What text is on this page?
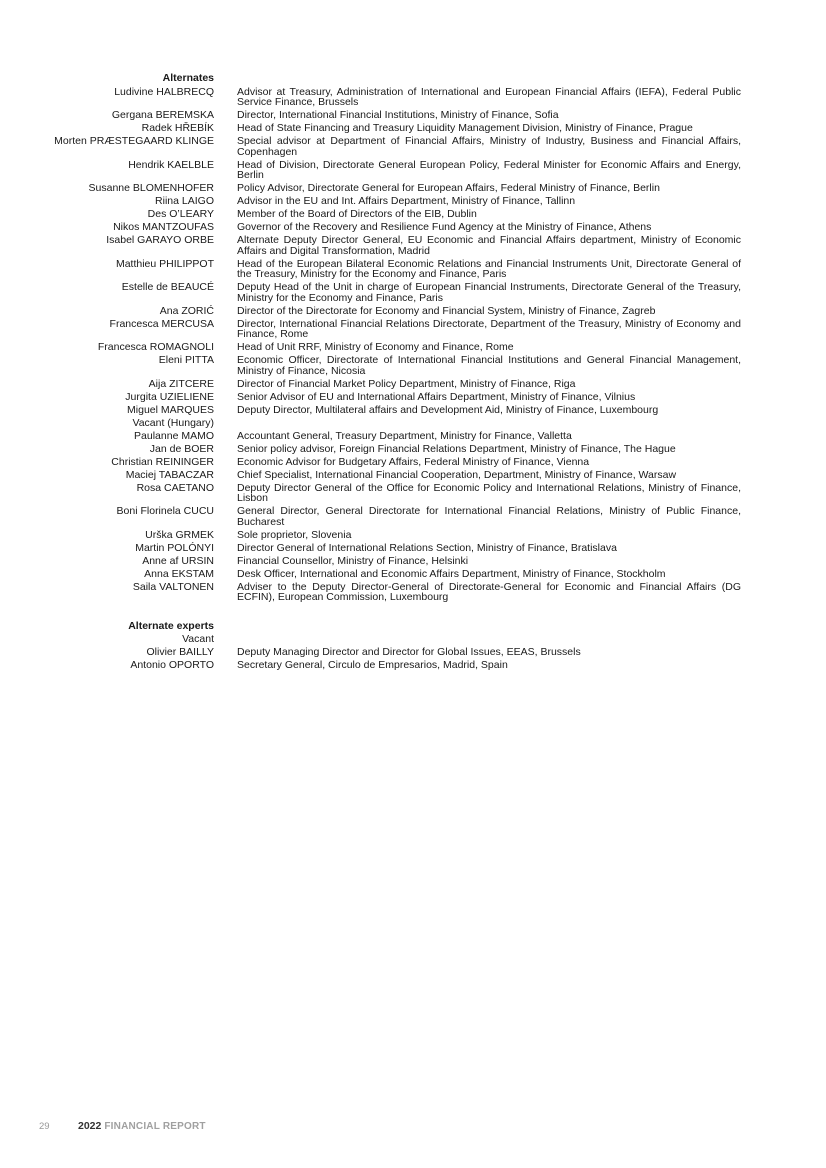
Alternates
Ludivine HALBRECQ Advisor at Treasury, Administration of International and European Financial Affairs (IEFA), Federal Public Service Finance, Brussels
Gergana BEREMSKA Director, International Financial Institutions, Ministry of Finance, Sofia
Radek HŘEBÍK Head of State Financing and Treasury Liquidity Management Division, Ministry of Finance, Prague
Morten PRÆSTEGAARD KLINGE Special advisor at Department of Financial Affairs, Ministry of Industry, Business and Financial Affairs, Copenhagen
Hendrik KAELBLE Head of Division, Directorate General European Policy, Federal Minister for Economic Affairs and Energy, Berlin
Susanne BLOMENHOFER Policy Advisor, Directorate General for European Affairs, Federal Ministry of Finance, Berlin
Riina LAIGO Advisor in the EU and Int. Affairs Department, Ministry of Finance, Tallinn
Des O’LEARY Member of the Board of Directors of the EIB, Dublin
Nikos MANTZOUFAS Governor of the Recovery and Resilience Fund Agency at the Ministry of Finance, Athens
Isabel GARAYO ORBE Alternate Deputy Director General, EU Economic and Financial Affairs department, Ministry of Economic Affairs and Digital Transformation, Madrid
Matthieu PHILIPPOT Head of the European Bilateral Economic Relations and Financial Instruments Unit, Directorate General of the Treasury, Ministry for the Economy and Finance, Paris
Estelle de BEAUCÉ Deputy Head of the Unit in charge of European Financial Instruments, Directorate General of the Treasury, Ministry for the Economy and Finance, Paris
Ana ZORIĆ Director of the Directorate for Economy and Financial System, Ministry of Finance, Zagreb
Francesca MERCUSA Director, International Financial Relations Directorate, Department of the Treasury, Ministry of Economy and Finance, Rome
Francesca ROMAGNOLI Head of Unit RRF, Ministry of Economy and Finance, Rome
Eleni PITTA Economic Officer, Directorate of International Financial Institutions and General Financial Management, Ministry of Finance, Nicosia
Aija ZITCERE Director of Financial Market Policy Department, Ministry of Finance, Riga
Jurgita UZIELIENE Senior Advisor of EU and International Affairs Department, Ministry of Finance, Vilnius
Miguel MARQUES Deputy Director, Multilateral affairs and Development Aid, Ministry of Finance, Luxembourg
Vacant (Hungary)
Paulanne MAMO Accountant General, Treasury Department, Ministry for Finance, Valletta
Jan de BOER Senior policy advisor, Foreign Financial Relations Department, Ministry of Finance, The Hague
Christian REININGER Economic Advisor for Budgetary Affairs, Federal Ministry of Finance, Vienna
Maciej TABACZAR Chief Specialist, International Financial Cooperation, Department, Ministry of Finance, Warsaw
Rosa CAETANO Deputy Director General of the Office for Economic Policy and International Relations, Ministry of Finance, Lisbon
Boni Florinela CUCU General Director, General Directorate for International Financial Relations, Ministry of Public Finance, Bucharest
Urška GRMEK Sole proprietor, Slovenia
Martin POLÓNYI Director General of International Relations Section, Ministry of Finance, Bratislava
Anne af URSIN Financial Counsellor, Ministry of Finance, Helsinki
Anna EKSTAM Desk Officer, International and Economic Affairs Department, Ministry of Finance, Stockholm
Saila VALTONEN Adviser to the Deputy Director-General of Directorate-General for Economic and Financial Affairs (DG ECFIN), European Commission, Luxembourg
Alternate experts
Vacant
Olivier BAILLY Deputy Managing Director and Director for Global Issues, EEAS, Brussels
Antonio OPORTO Secretary General, Circulo de Empresarios, Madrid, Spain
29	2022 FINANCIAL REPORT
